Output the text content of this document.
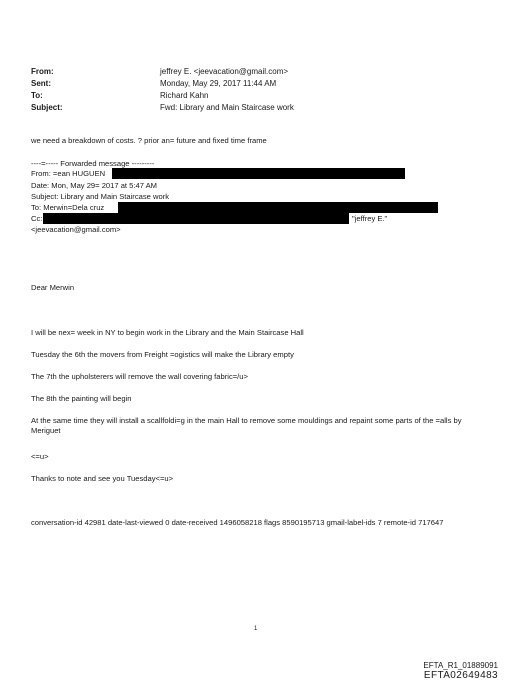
From:	jeffrey E. <jeevacation@gmail.com>
Sent:	Monday, May 29, 2017 11:44 AM
To:	Richard Kahn
Subject:	Fwd: Library and Main Staircase work
we need a breakdown of costs. ? prior an= future and fixed time frame
----=----- Forwarded message ---------
From: =ean HUGUEN
Date: Mon, May 29= 2017 at 5:47 AM
Subject: Library and Main Staircase work
To: Merwin=Dela cruz
Cc:	"jeffrey E."
<jeevacation@gmail.com>
Dear Merwin
I will be nex= week in NY to begin work in the Library and the Main Staircase Hall
Tuesday the 6th the movers from Freight =ogistics will make the Library empty
The 7th the upholsterers will remove the wall covering fabric=/u>
The 8th the painting will begin
At the same time they will install a scallfoldi=g in the main Hall to remove some mouldings and repaint some parts of the =alls by Meriguet
<=u>
Thanks to note and see you Tuesday<=u>
conversation-id 42981 date-last-viewed 0 date-received 1496058218 flags 8590195713 gmail-label-ids 7 remote-id 717647
1
EFTA_R1_01889091
EFTA02649483
